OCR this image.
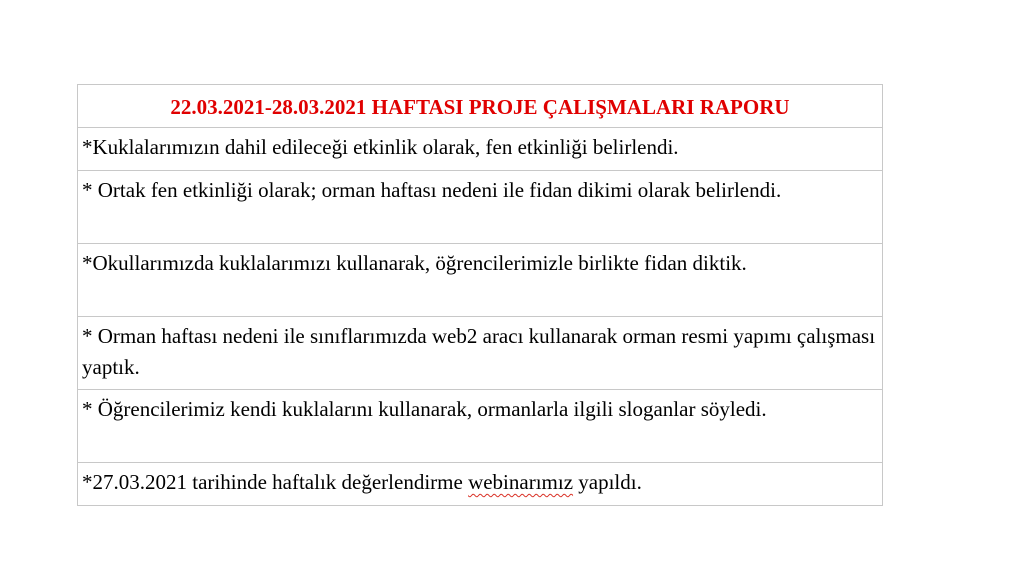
22.03.2021-28.03.2021 HAFTASI PROJE ÇALIŞMALARI RAPORU
*Kuklalarımızın dahil edileceği etkinlik olarak, fen etkinliği belirlendi.
* Ortak fen etkinliği olarak; orman haftası nedeni ile fidan dikimi olarak belirlendi.
*Okullarımızda kuklalarımızı kullanarak, öğrencilerimizle birlikte fidan diktik.
* Orman haftası nedeni ile sınıflarımızda web2 aracı kullanarak orman resmi yapımı çalışması yaptık.
* Öğrencilerimiz kendi kuklalarını kullanarak, ormanlarla ilgili sloganlar söyledi.
*27.03.2021 tarihinde haftalık değerlendirme webinarımız yapıldı.
